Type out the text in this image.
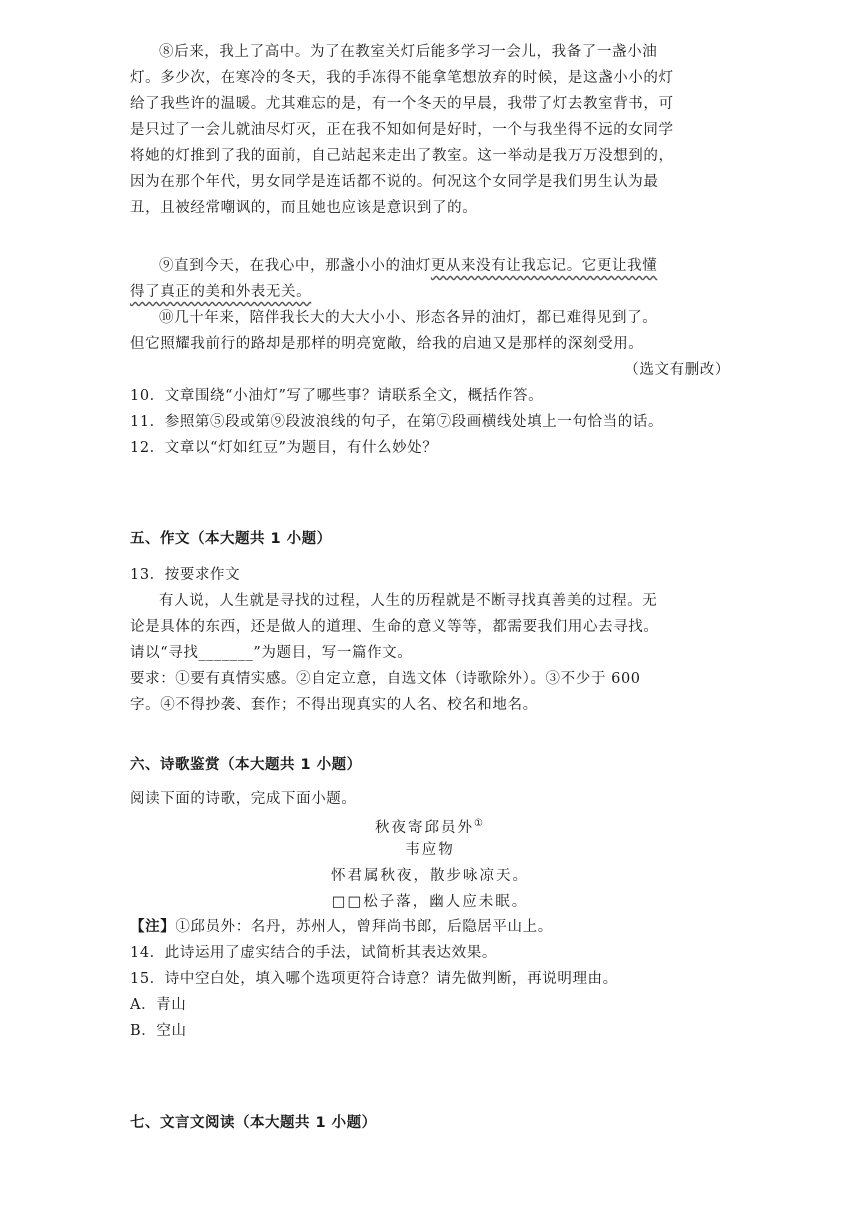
⑧后来，我上了高中。为了在教室关灯后能多学习一会儿，我备了一盏小油
灯。多少次，在寒冷的冬天，我的手冻得不能拿笔想放弃的时候，是这盏小小的灯
给了我些许的温暖。尤其难忘的是，有一个冬天的早晨，我带了灯去教室背书，可
是只过了一会儿就油尽灯灭，正在我不知如何是好时，一个与我坐得不远的女同学
将她的灯推到了我的面前，自己站起来走出了教室。这一举动是我万万没想到的，
因为在那个年代，男女同学是连话都不说的。何况这个女同学是我们男生认为最
丑，且被经常嘲讽的，而且她也应该是意识到了的。

⑨直到今天，在我心中，那盏小小的油灯更从来没有让我忘记。它更让我懂
得了真正的美和外表无关。

⑩几十年来，陪伴我长大的大大小小、形态各异的油灯，都已难得见到了。
但它照耀我前行的路却是那样的明亮宽敞，给我的启迪又是那样的深刻受用。

（选文有删改）

10．文章围绕“小油灯”写了哪些事？请联系全文，概括作答。

11．参照第⑤段或第⑨段波浪线的句子，在第⑦段画横线处填上一句恰当的话。

12．文章以“灯如红豆”为题目，有什么妙处？

五、作文（本大题共 1 小题）

13．按要求作文

有人说，人生就是寻找的过程，人生的历程就是不断寻找真善美的过程。无
论是具体的东西，还是做人的道理、生命的意义等等，都需要我们用心去寻找。
请以“寻找_______”为题目，写一篇作文。
要求：①要有真情实感。②自定立意，自选文体（诗歌除外）。③不少于 600
字。④不得抄袭、套作；不得出现真实的人名、校名和地名。

六、诗歌鉴赏（本大题共 1 小题）

阅读下面的诗歌，完成下面小题。

秋夜寄邱员外①

韦应物

怀君属秋夜，散步咏凉天。

□□松子落，幽人应未眠。

【注】①邱员外：名丹，苏州人，曾拜尚书郎，后隐居平山上。

14．此诗运用了虚实结合的手法，试简析其表达效果。

15．诗中空白处，填入哪个选项更符合诗意？请先做判断，再说明理由。

A．青山

B．空山

七、文言文阅读（本大题共 1 小题）
